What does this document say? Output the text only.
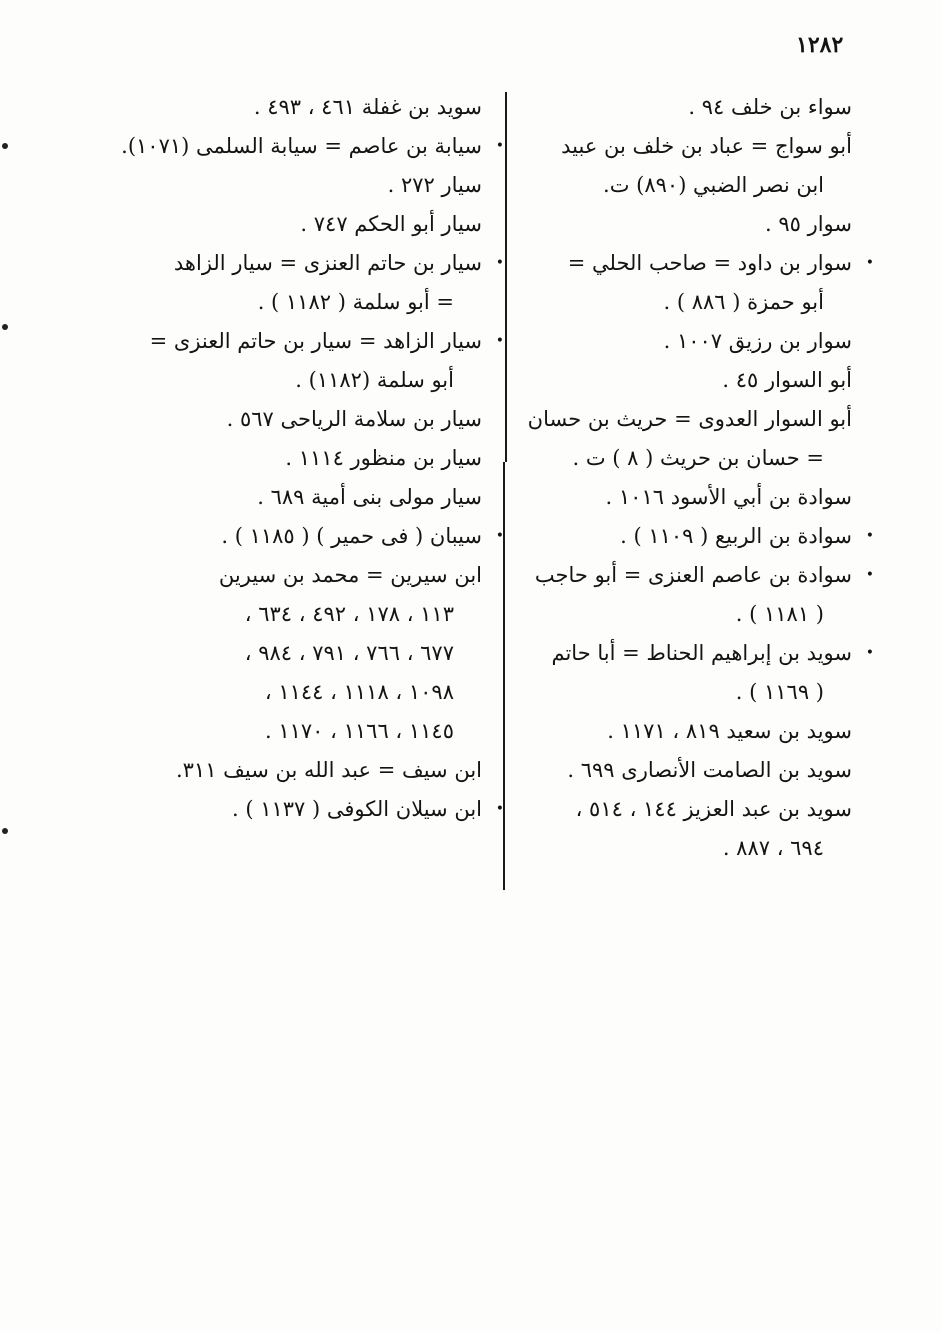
١٢٨٢
سواء بن خلف ٩٤ .
أبو سواج = عباد بن خلف بن عبيد
ابن نصر الضبي (٨٩٠) ت.
سوار ٩٥ .
• سوار بن داود = صاحب الحلي =
أبو حمزة ( ٨٨٦ ) .
سوار بن رزيق ١٠٠٧ .
أبو السوار ٤٥ .
أبو السوار العدوى = حريث بن حسان
= حسان بن حريث ( ٨ ) ت .
سوادة بن أبي الأسود ١٠١٦ .
• سوادة بن الربيع ( ١١٠٩ ) .
• سوادة بن عاصم العنزى = أبو حاجب
( ١١٨١ ) .
• سويد بن إبراهيم الحناط = أبا حاتم
( ١١٦٩ ) .
سويد بن سعيد ٨١٩ ، ١١٧١ .
سويد بن الصامت الأنصارى ٦٩٩ .
سويد بن عبد العزيز ١٤٤ ، ٥١٤ ،
٦٩٤ ، ٨٨٧ .
سويد بن غفلة ٤٦١ ، ٤٩٣ .
• سيابة بن عاصم = سيابة السلمى (١٠٧١).
سيار ٢٧٢ .
سيار أبو الحكم ٧٤٧ .
• سيار بن حاتم العنزى = سيار الزاهد
= أبو سلمة ( ١١٨٢ ) .
• سيار الزاهد = سيار بن حاتم العنزى =
أبو سلمة (١١٨٢) .
سيار بن سلامة الرياحى ٥٦٧ .
سيار بن منظور ١١١٤ .
سيار مولى بنى أمية ٦٨٩ .
• سيبان ( فى حمير ) ( ١١٨٥ ) .
ابن سيرين = محمد بن سيرين
١١٣ ، ١٧٨ ، ٤٩٢ ، ٦٣٤ ،
٦٧٧ ، ٧٦٦ ، ٧٩١ ، ٩٨٤ ،
١٠٩٨ ، ١١١٨ ، ١١٤٤ ،
١١٤٥ ، ١١٦٦ ، ١١٧٠ .
ابن سيف = عبد الله بن سيف ٣١١.
• ابن سيلان الكوفى ( ١١٣٧ ) .
